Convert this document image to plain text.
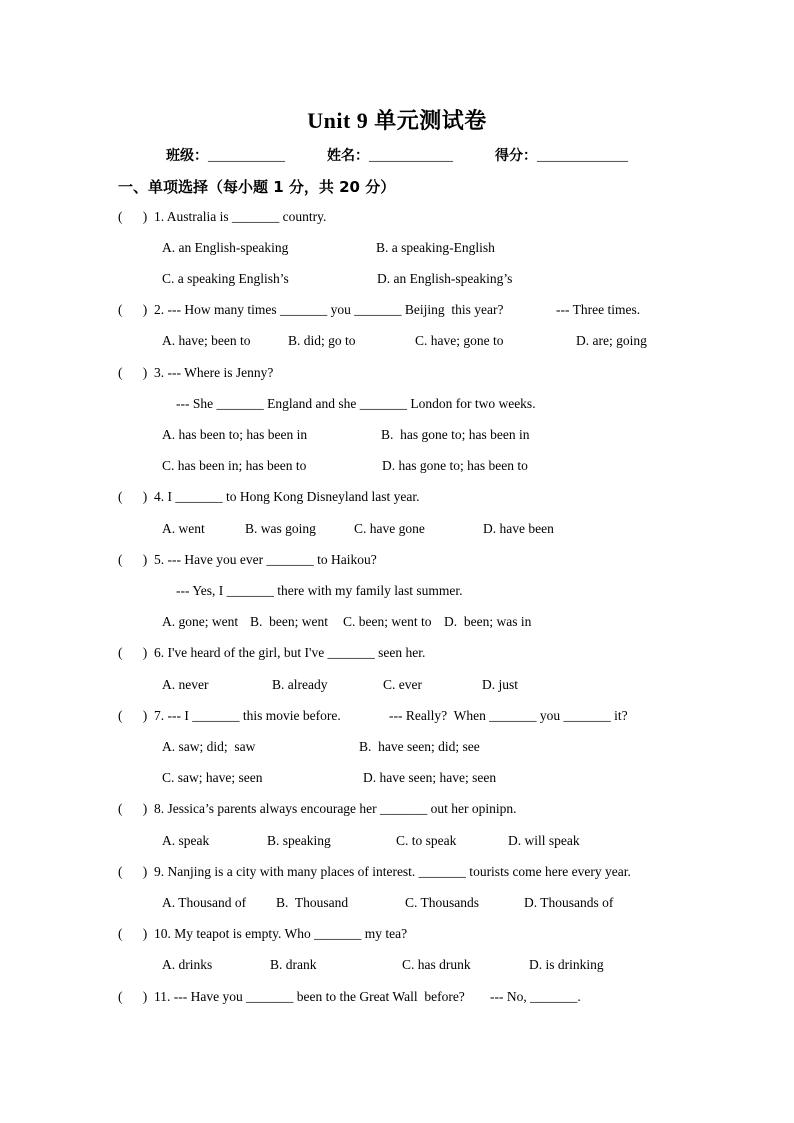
Unit 9 单元测试卷
班级：___________	姓名：____________	得分：_____________
一、单项选择（每小题 1 分，共 20 分）
(      ) 1. Australia is _______ country.
A. an English-speaking	B. a speaking-English
C. a speaking English’s	D. an English-speaking’s
(      ) 2. --- How many times _______ you _______ Beijing  this year?	--- Three times.
A. have; been to	B. did; go to	C. have; gone to	D. are; going
(      ) 3. --- Where is Jenny?
--- She _______ England and she _______ London for two weeks.
A. has been to; has been in	B.  has gone to; has been in
C. has been in; has been to	D. has gone to; has been to
(      ) 4. I _______ to Hong Kong Disneyland last year.
A. went	B. was going	C. have gone	D. have been
(      ) 5. --- Have you ever _______ to Haikou?
--- Yes, I _______ there with my family last summer.
A. gone; went B.  been; went C. been; went to D.  been; was in
(      ) 6. I've heard of the girl, but I've _______ seen her.
A. never	B. already	C. ever	D. just
(      ) 7. --- I _______ this movie before.	--- Really?  When _______ you _______ it?
A. saw; did;  saw	B.  have seen; did; see
C. saw; have; seen	D. have seen; have; seen
(      ) 8. Jessica’s parents always encourage her _______ out her opinipn.
A. speak	B. speaking	C. to speak	D. will speak
(      ) 9. Nanjing is a city with many places of interest. _______ tourists come here every year.
A. Thousand of B.  Thousand	C. Thousands	D. Thousands of
(      ) 10. My teapot is empty. Who _______ my tea?
A. drinks	B. drank	C. has drunk	D. is drinking
(      ) 11. --- Have you _______ been to the Great Wall  before? --- No, _______.
